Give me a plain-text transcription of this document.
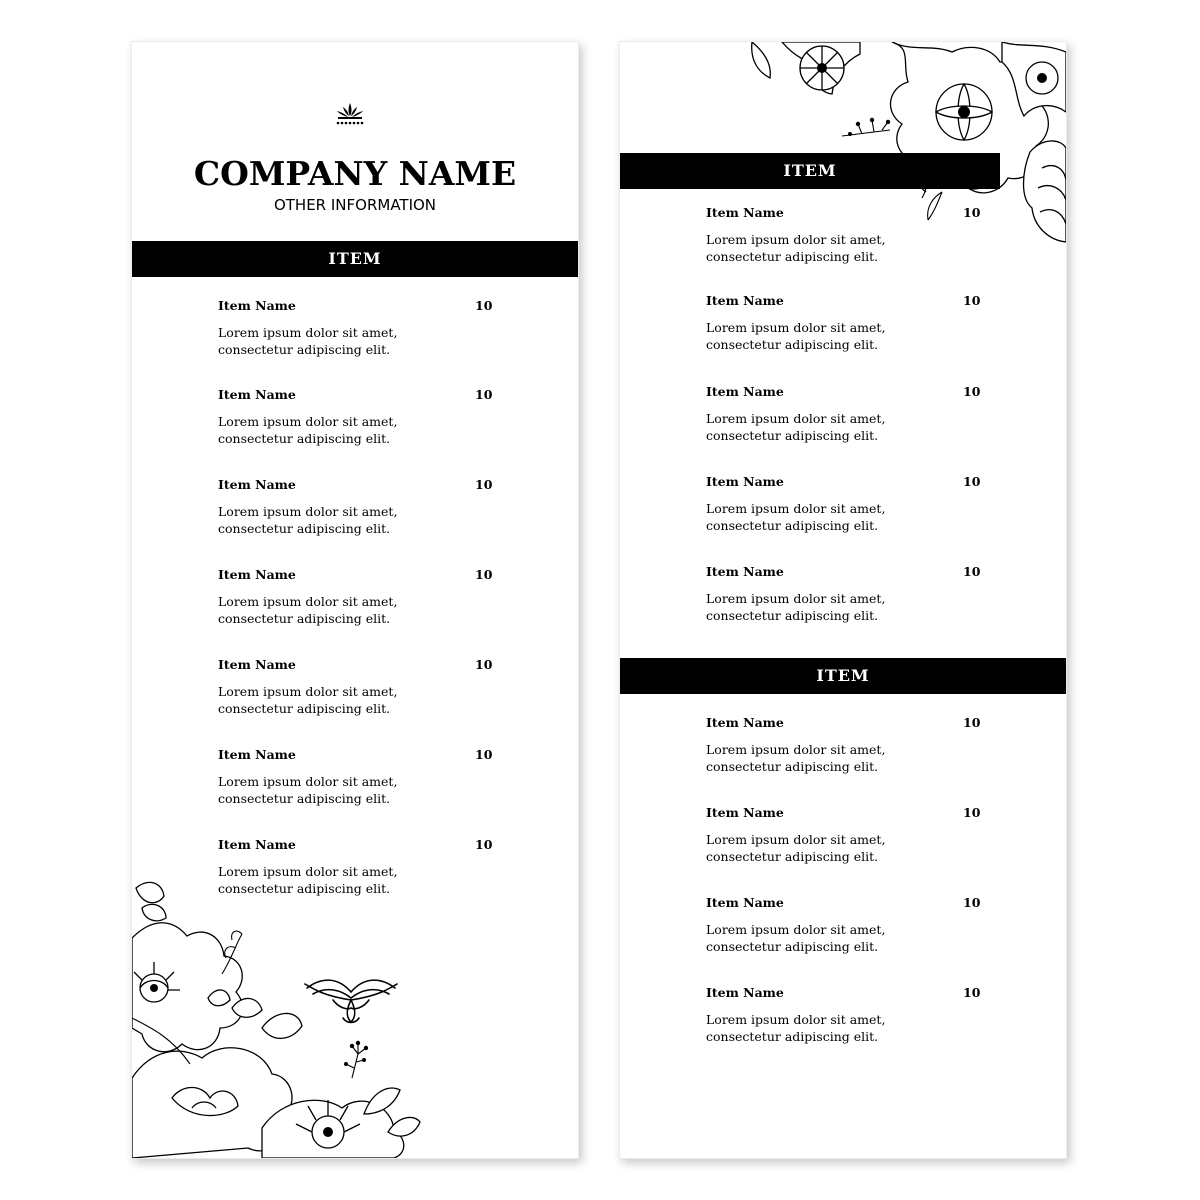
COMPANY NAME

OTHER INFORMATION

ITEM
Item Name	10
Lorem ipsum dolor sit amet, consectetur adipiscing elit.
Item Name	10
Lorem ipsum dolor sit amet, consectetur adipiscing elit.
Item Name	10
Lorem ipsum dolor sit amet, consectetur adipiscing elit.
Item Name	10
Lorem ipsum dolor sit amet, consectetur adipiscing elit.
Item Name	10
Lorem ipsum dolor sit amet, consectetur adipiscing elit.
Item Name	10
Lorem ipsum dolor sit amet, consectetur adipiscing elit.
Item Name	10
Lorem ipsum dolor sit amet, consectetur adipiscing elit.
ITEM
Item Name	10
Lorem ipsum dolor sit amet, consectetur adipiscing elit.
Item Name	10
Lorem ipsum dolor sit amet, consectetur adipiscing elit.
Item Name	10
Lorem ipsum dolor sit amet, consectetur adipiscing elit.
Item Name	10
Lorem ipsum dolor sit amet, consectetur adipiscing elit.
Item Name	10
Lorem ipsum dolor sit amet, consectetur adipiscing elit.
ITEM
Item Name	10
Lorem ipsum dolor sit amet, consectetur adipiscing elit.
Item Name	10
Lorem ipsum dolor sit amet, consectetur adipiscing elit.
Item Name	10
Lorem ipsum dolor sit amet, consectetur adipiscing elit.
Item Name	10
Lorem ipsum dolor sit amet, consectetur adipiscing elit.
